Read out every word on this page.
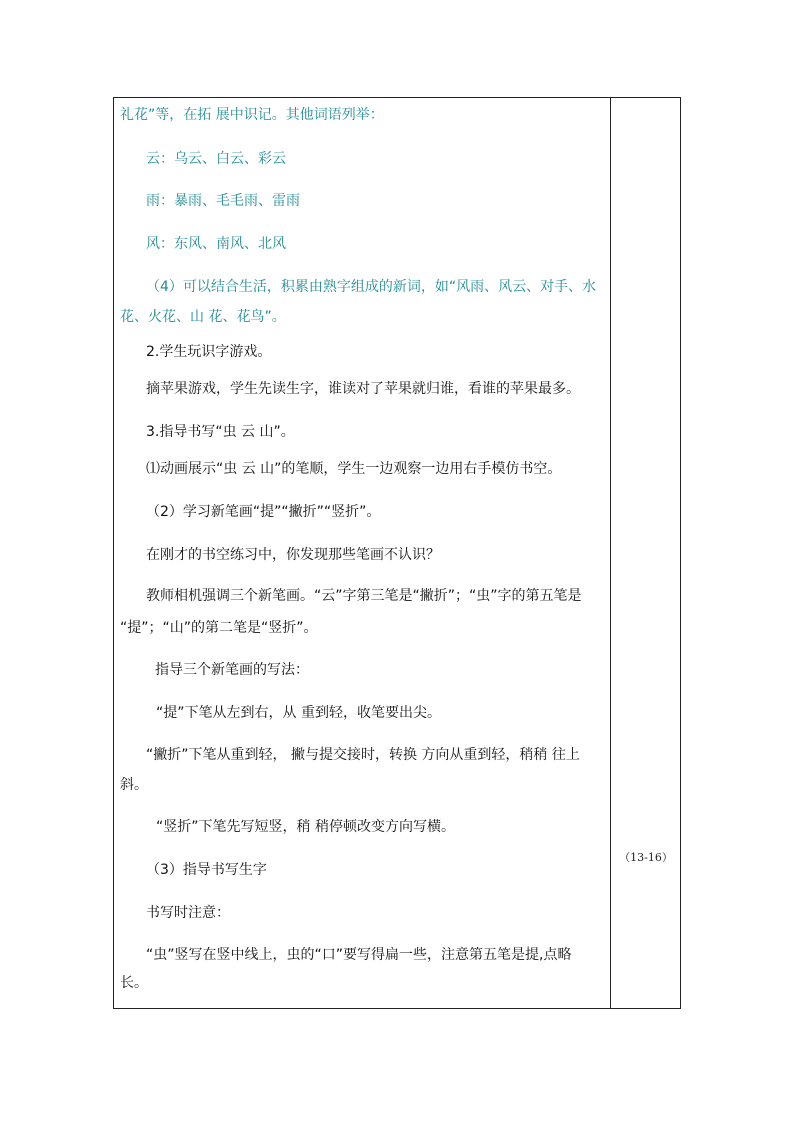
礼花”等，在拓 展中识记。其他词语列举：
云：乌云、白云、彩云
雨：暴雨、毛毛雨、雷雨
风：东风、南风、北风
（4）可以结合生活，积累由熟字组成的新词，如“风雨、风云、对手、水
花、火花、山 花、花鸟”。
2.学生玩识字游戏。
摘苹果游戏，学生先读生字，谁读对了苹果就归谁，看谁的苹果最多。
3.指导书写“虫 云 山”。
⑴动画展示“虫 云 山”的笔顺，学生一边观察一边用右手模仿书空。
（2）学习新笔画“提”“撇折”“竖折”。
在刚才的书空练习中，你发现那些笔画不认识？
教师相机强调三个新笔画。“云”字第三笔是“撇折”；“虫”字的第五笔是
“提”；“山”的第二笔是“竖折”。
指导三个新笔画的写法：
“提”下笔从左到右，从 重到轻，收笔要出尖。
“撇折”下笔从重到轻， 撇与提交接时，转换 方向从重到轻，稍稍 往上
斜。
“竖折”下笔先写短竖，稍 稍停顿改变方向写横。
（3）指导书写生字
书写时注意：
“虫”竖写在竖中线上，虫的“口”要写得扁一些，注意第五笔是提,点略
长。
（13-16）
